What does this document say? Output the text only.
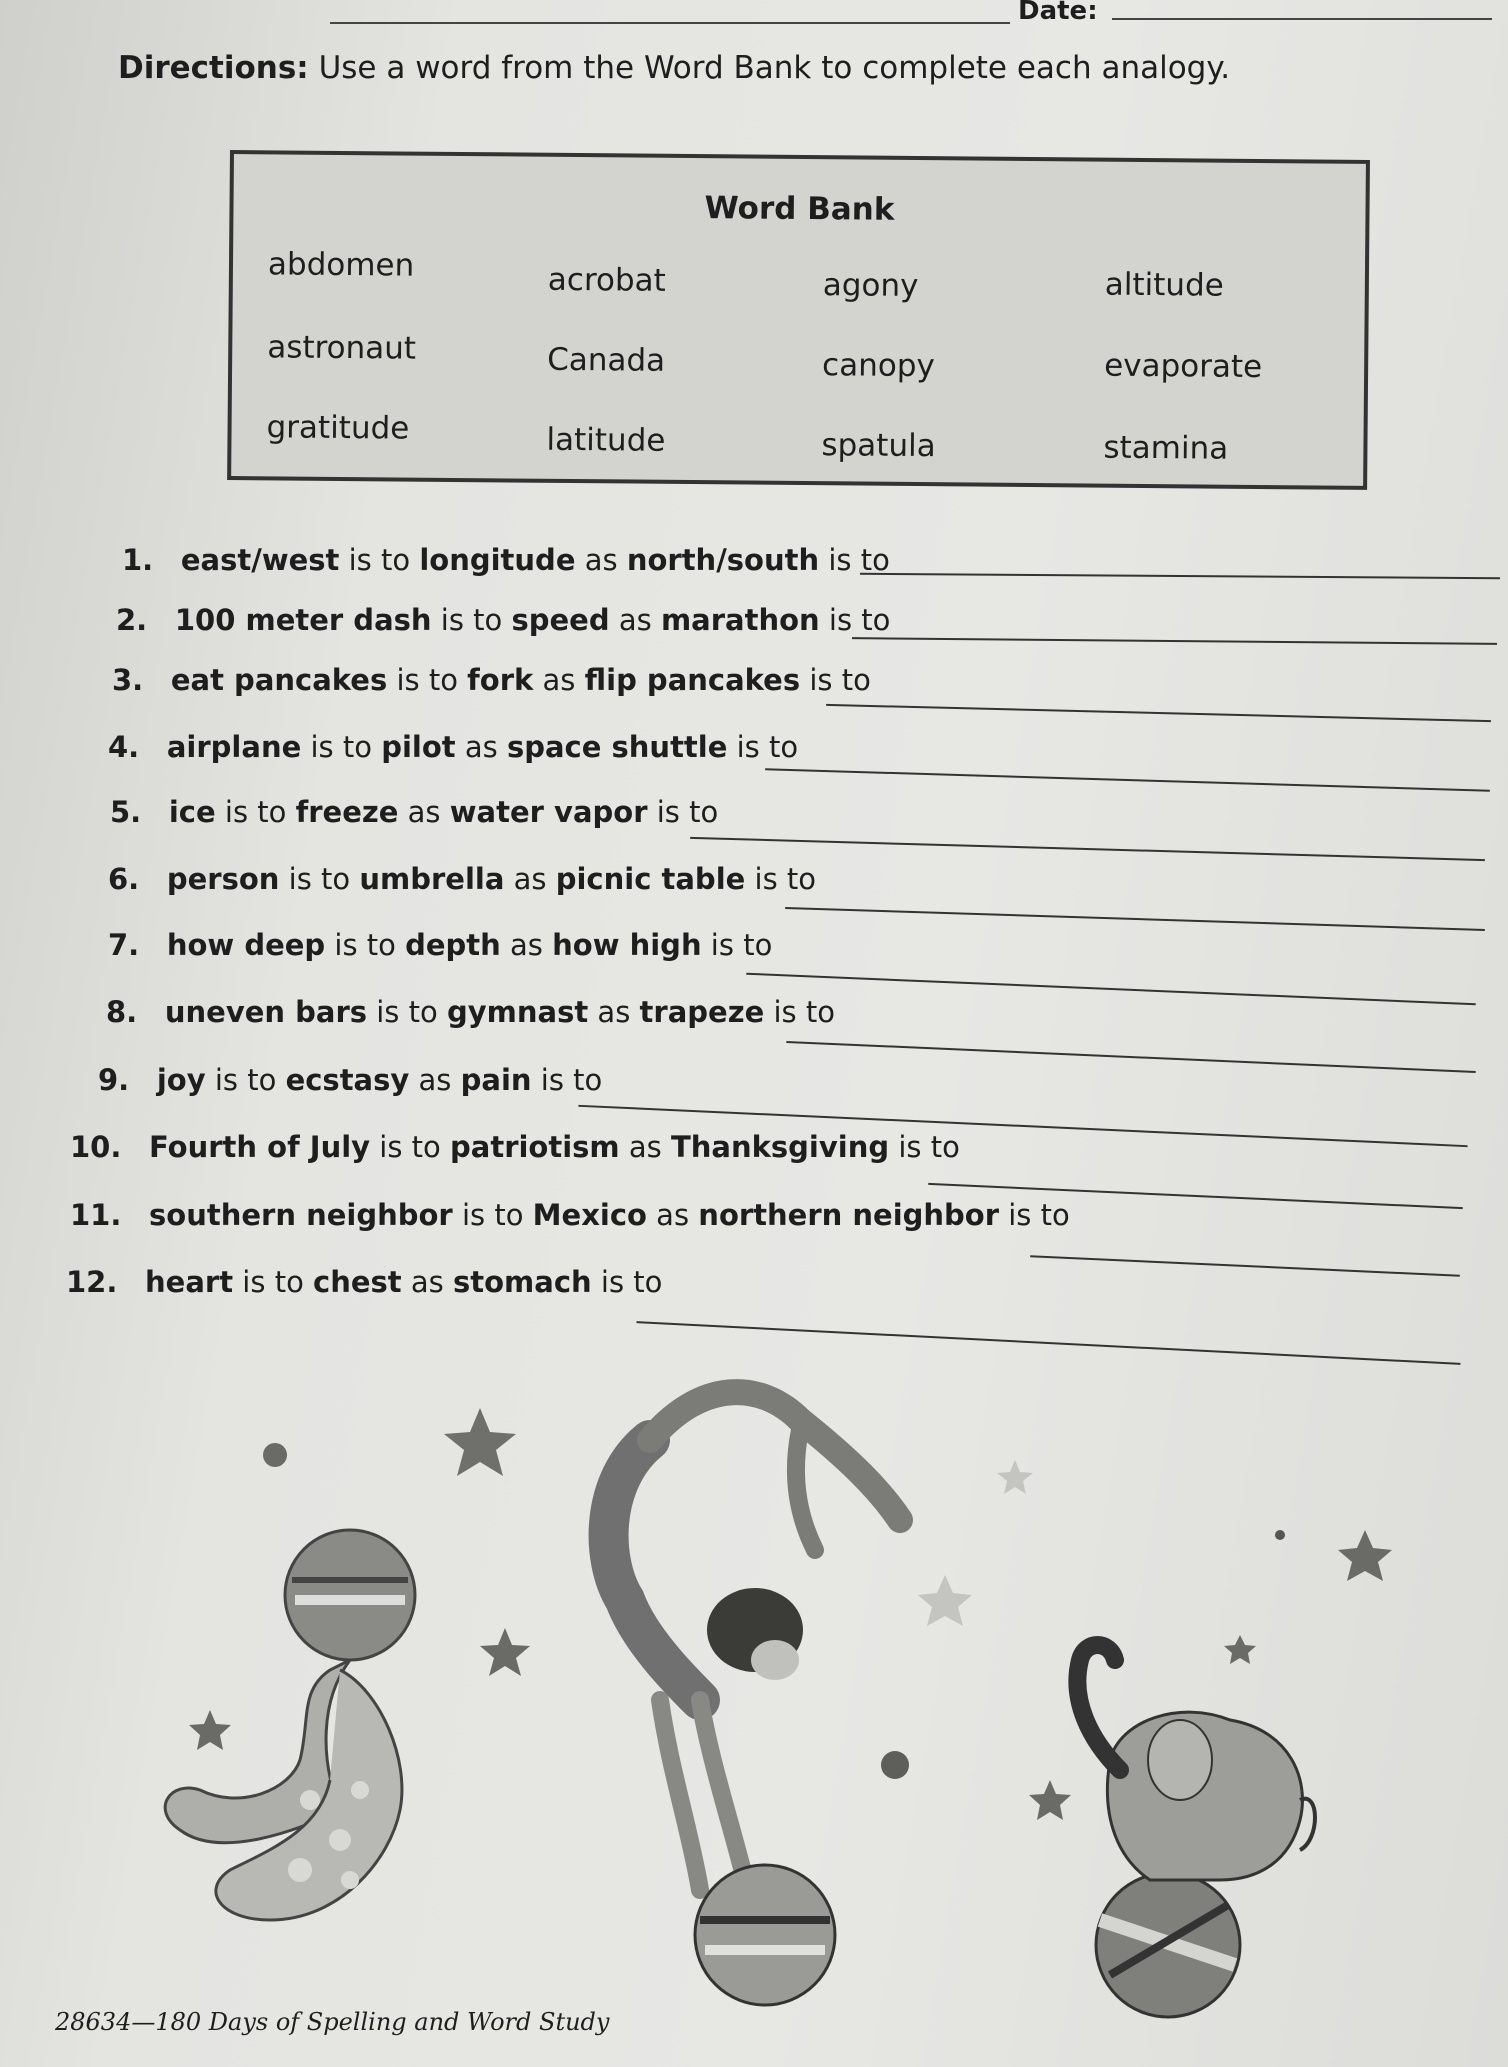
Date:
Directions: Use a word from the Word Bank to complete each analogy.
Word Bank
abdomen	acrobat	agony	altitude
astronaut	Canada	canopy	evaporate
gratitude	latitude	spatula	stamina
1. east/west is to longitude as north/south is to
2. 100 meter dash is to speed as marathon is to
3. eat pancakes is to fork as flip pancakes is to
4. airplane is to pilot as space shuttle is to
5. ice is to freeze as water vapor is to
6. person is to umbrella as picnic table is to
7. how deep is to depth as how high is to
8. uneven bars is to gymnast as trapeze is to
9. joy is to ecstasy as pain is to
10. Fourth of July is to patriotism as Thanksgiving is to
11. southern neighbor is to Mexico as northern neighbor is to
12. heart is to chest as stomach is to
28634—180 Days of Spelling and Word Study
